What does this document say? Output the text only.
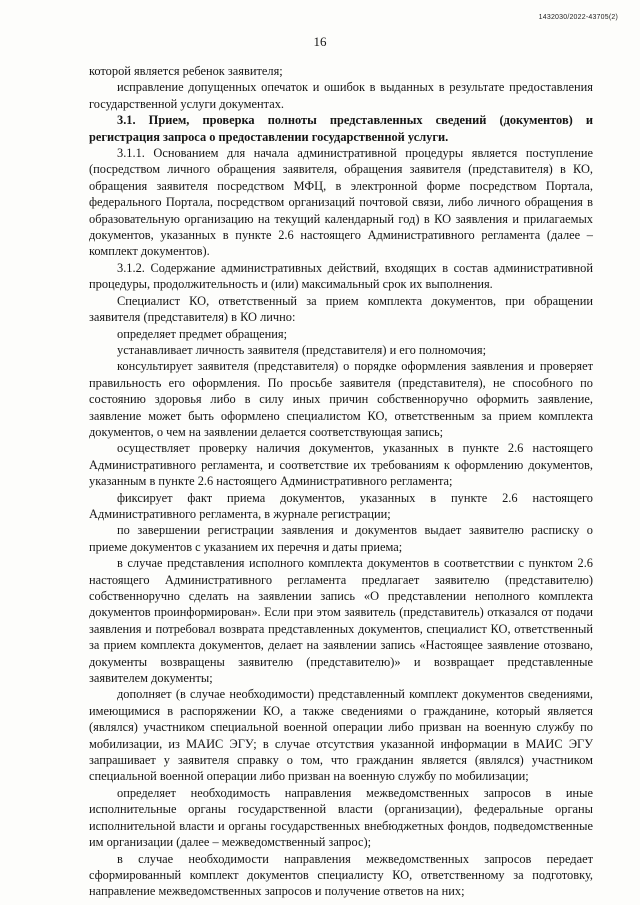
1432030/2022-43705(2)
16

которой является ребенок заявителя;

исправление допущенных опечаток и ошибок в выданных в результате предоставления государственной услуги документах.

3.1. Прием, проверка полноты представленных сведений (документов) и регистрация запроса о предоставлении государственной услуги.

3.1.1. Основанием для начала административной процедуры является поступление (посредством личного обращения заявителя, обращения заявителя (представителя) в КО, обращения заявителя посредством МФЦ, в электронной форме посредством Портала, федерального Портала, посредством организаций почтовой связи, либо личного обращения в образовательную организацию на текущий календарный год) в КО заявления и прилагаемых документов, указанных в пункте 2.6 настоящего Административного регламента (далее – комплект документов).

3.1.2. Содержание административных действий, входящих в состав административной процедуры, продолжительность и (или) максимальный срок их выполнения.

Специалист КО, ответственный за прием комплекта документов, при обращении заявителя (представителя) в КО лично:

определяет предмет обращения;

устанавливает личность заявителя (представителя) и его полномочия;

консультирует заявителя (представителя) о порядке оформления заявления и проверяет правильность его оформления. По просьбе заявителя (представителя), не способного по состоянию здоровья либо в силу иных причин собственноручно оформить заявление, заявление может быть оформлено специалистом КО, ответственным за прием комплекта документов, о чем на заявлении делается соответствующая запись;

осуществляет проверку наличия документов, указанных в пункте 2.6 настоящего Административного регламента, и соответствие их требованиям к оформлению документов, указанным в пункте 2.6 настоящего Административного регламента;

фиксирует факт приема документов, указанных в пункте 2.6 настоящего Административного регламента, в журнале регистрации;

по завершении регистрации заявления и документов выдает заявителю расписку о приеме документов с указанием их перечня и даты приема;

в случае представления исполного комплекта документов в соответствии с пунктом 2.6 настоящего Административного регламента предлагает заявителю (представителю) собственноручно сделать на заявлении запись «О представлении неполного комплекта документов проинформирован». Если при этом заявитель (представитель) отказался от подачи заявления и потребовал возврата представленных документов, специалист КО, ответственный за прием комплекта документов, делает на заявлении запись «Настоящее заявление отозвано, документы возвращены заявителю (представителю)» и возвращает представленные заявителем документы;

дополняет (в случае необходимости) представленный комплект документов сведениями, имеющимися в распоряжении КО, а также сведениями о гражданине, который является (являлся) участником специальной военной операции либо призван на военную службу по мобилизации, из МАИС ЭГУ; в случае отсутствия указанной информации в МАИС ЭГУ запрашивает у заявителя справку о том, что гражданин является (являлся) участником специальной военной операции либо призван на военную службу по мобилизации;

определяет необходимость направления межведомственных запросов в иные исполнительные органы государственной власти (организации), федеральные органы исполнительной власти и органы государственных внебюджетных фондов, подведомственные им организации (далее – межведомственный запрос);

в случае необходимости направления межведомственных запросов передает сформированный комплект документов специалисту КО, ответственному за подготовку, направление межведомственных запросов и получение ответов на них;
